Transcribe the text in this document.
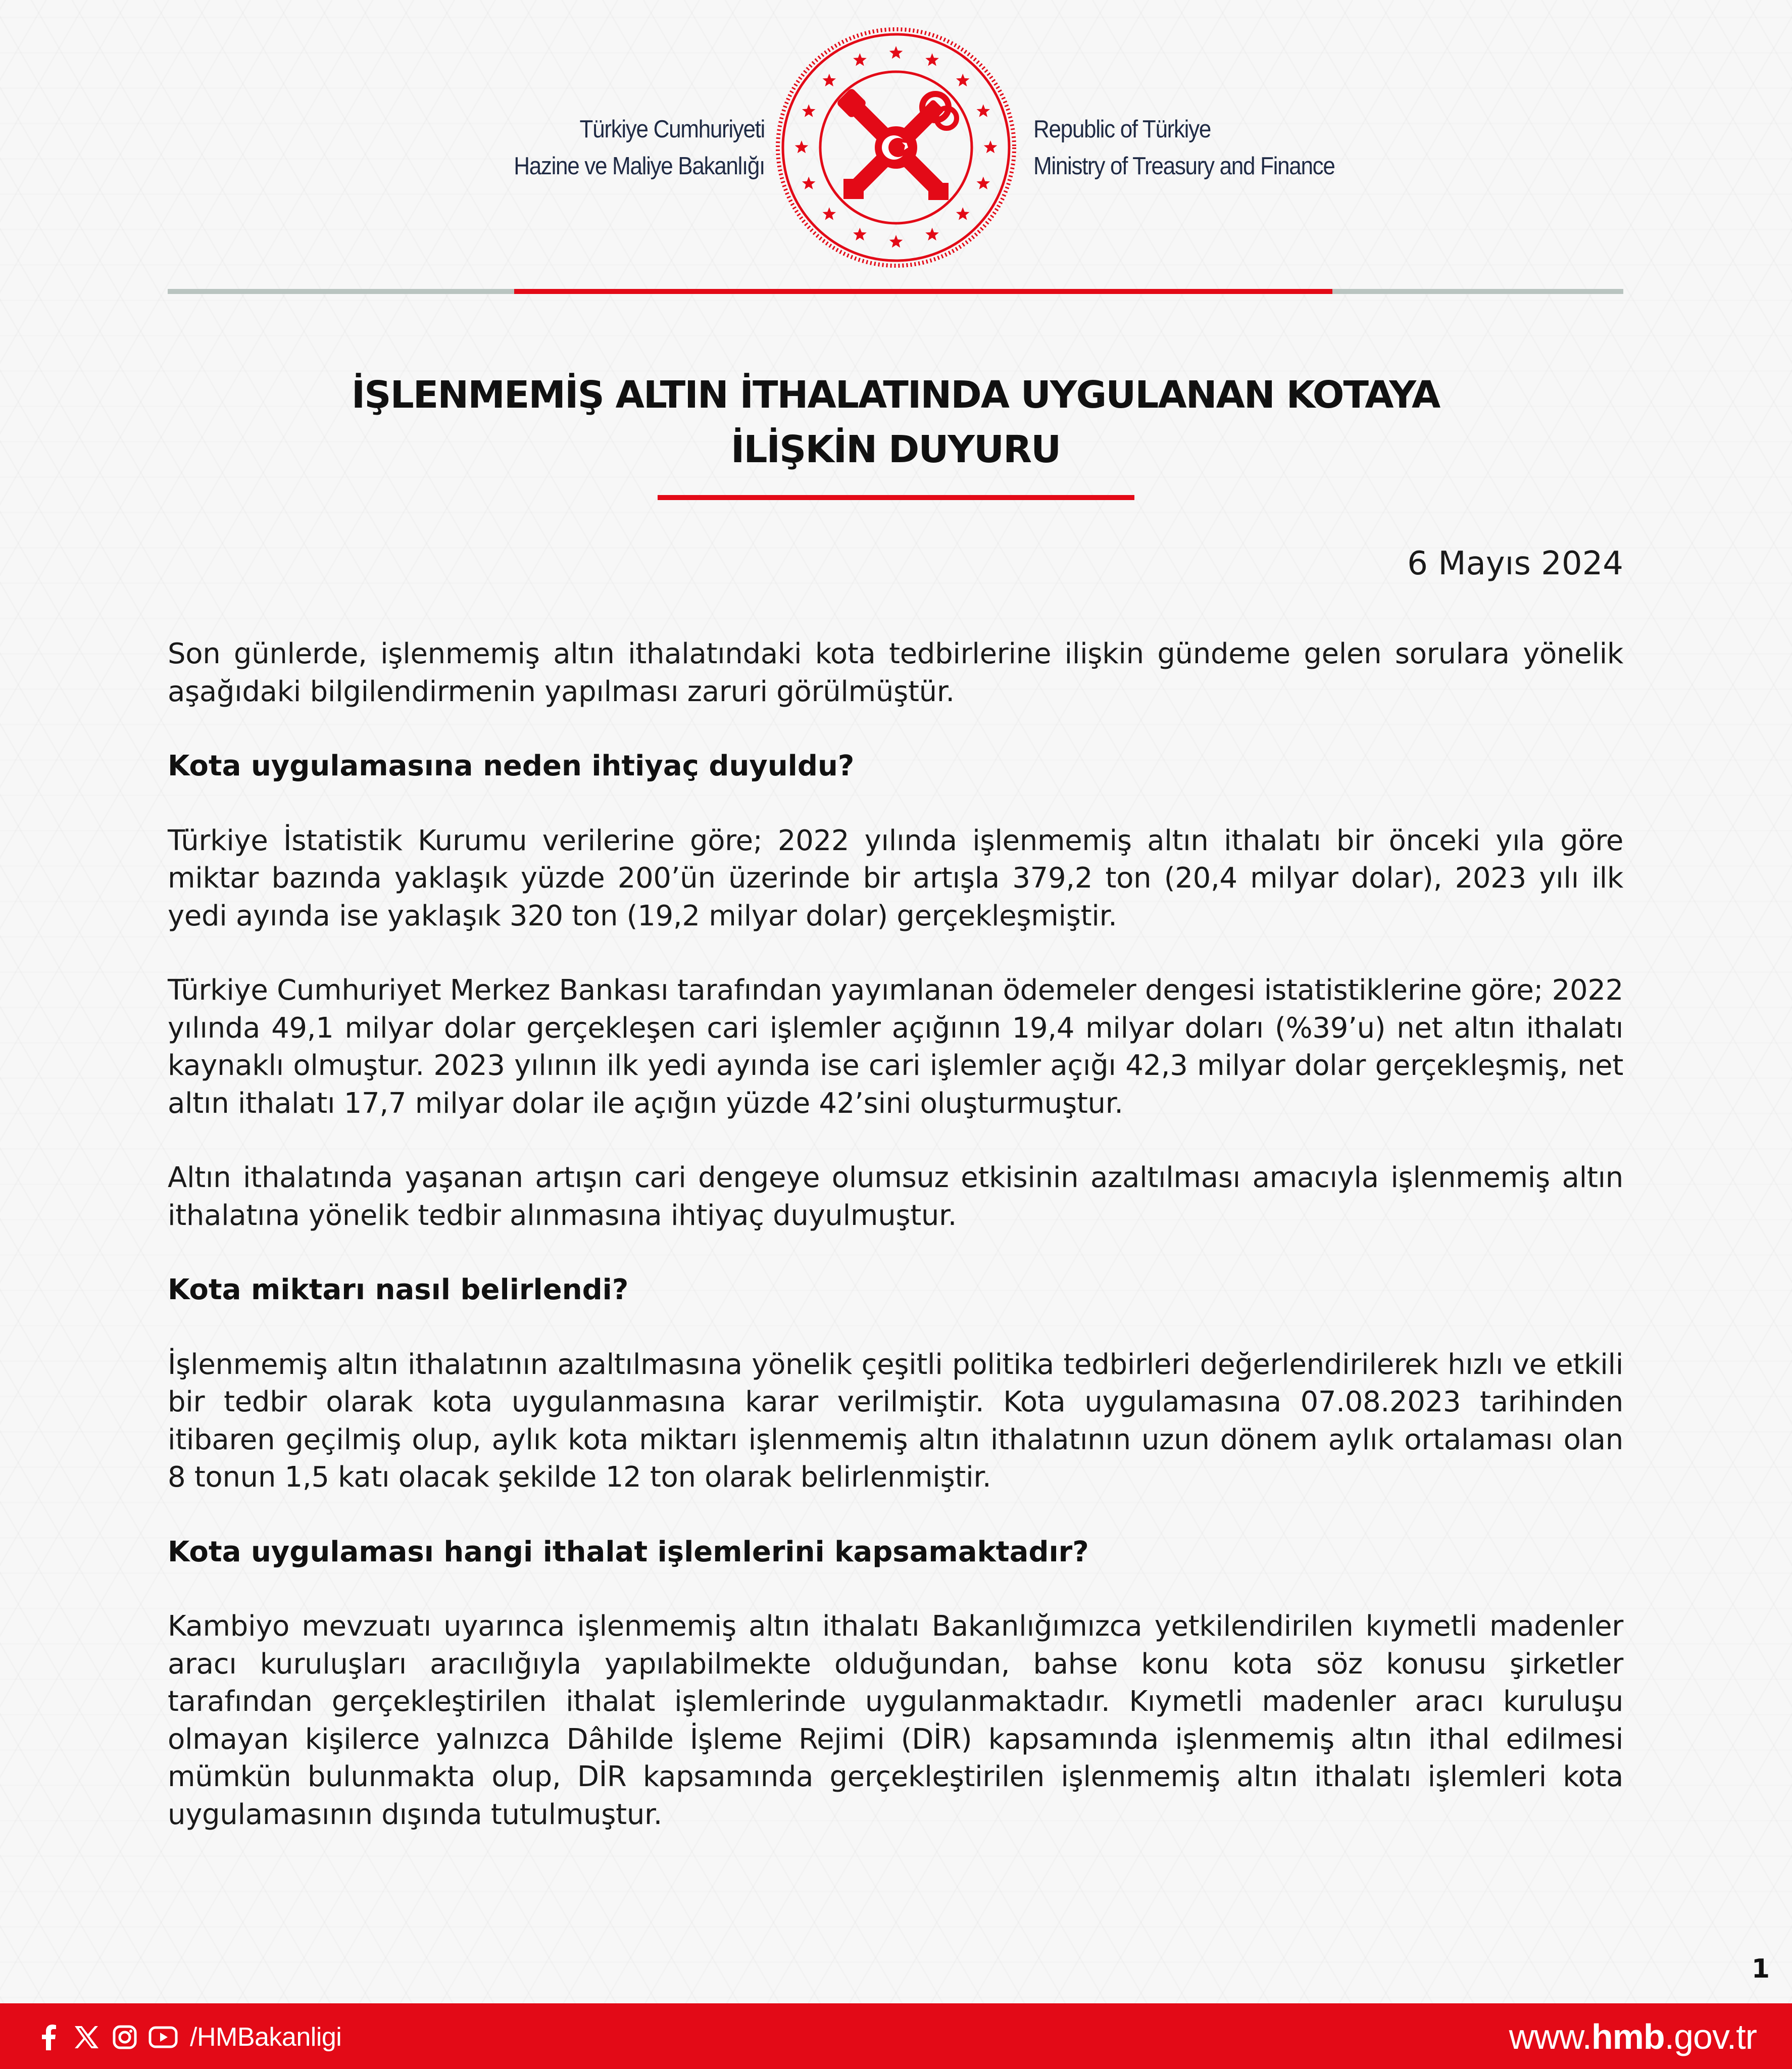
Türkiye Cumhuriyeti
Hazine ve Maliye Bakanlığı
Republic of Türkiye
Ministry of Treasury and Finance
İŞLENMEMİŞ ALTIN İTHALATINDA UYGULANAN KOTAYA
İLİŞKİN DUYURU
6 Mayıs 2024

Son günlerde, işlenmemiş altın ithalatındaki kota tedbirlerine ilişkin gündeme gelen sorulara yönelik aşağıdaki bilgilendirmenin yapılması zaruri görülmüştür.

Kota uygulamasına neden ihtiyaç duyuldu?

Türkiye İstatistik Kurumu verilerine göre; 2022 yılında işlenmemiş altın ithalatı bir önceki yıla göre miktar bazında yaklaşık yüzde 200’ün üzerinde bir artışla 379,2 ton (20,4 milyar dolar), 2023 yılı ilk yedi ayında ise yaklaşık 320 ton (19,2 milyar dolar) gerçekleşmiştir.

Türkiye Cumhuriyet Merkez Bankası tarafından yayımlanan ödemeler dengesi istatistiklerine göre; 2022 yılında 49,1 milyar dolar gerçekleşen cari işlemler açığının 19,4 milyar doları (%39’u) net altın ithalatı kaynaklı olmuştur. 2023 yılının ilk yedi ayında ise cari işlemler açığı 42,3 milyar dolar gerçekleşmiş, net altın ithalatı 17,7 milyar dolar ile açığın yüzde 42’sini oluşturmuştur.

Altın ithalatında yaşanan artışın cari dengeye olumsuz etkisinin azaltılması amacıyla işlenmemiş altın ithalatına yönelik tedbir alınmasına ihtiyaç duyulmuştur.

Kota miktarı nasıl belirlendi?

İşlenmemiş altın ithalatının azaltılmasına yönelik çeşitli politika tedbirleri değerlendirilerek hızlı ve etkili bir tedbir olarak kota uygulanmasına karar verilmiştir. Kota uygulamasına 07.08.2023 tarihinden itibaren geçilmiş olup, aylık kota miktarı işlenmemiş altın ithalatının uzun dönem aylık ortalaması olan 8 tonun 1,5 katı olacak şekilde 12 ton olarak belirlenmiştir.

Kota uygulaması hangi ithalat işlemlerini kapsamaktadır?

Kambiyo mevzuatı uyarınca işlenmemiş altın ithalatı Bakanlığımızca yetkilendirilen kıymetli madenler aracı kuruluşları aracılığıyla yapılabilmekte olduğundan, bahse konu kota söz konusu şirketler tarafından gerçekleştirilen ithalat işlemlerinde uygulanmaktadır. Kıymetli madenler aracı kuruluşu olmayan kişilerce yalnızca Dâhilde İşleme Rejimi (DİR) kapsamında işlenmemiş altın ithal edilmesi mümkün bulunmakta olup, DİR kapsamında gerçekleştirilen işlenmemiş altın ithalatı işlemleri kota uygulamasının dışında tutulmuştur.

1
/HMBakanligi	www.hmb.gov.tr
